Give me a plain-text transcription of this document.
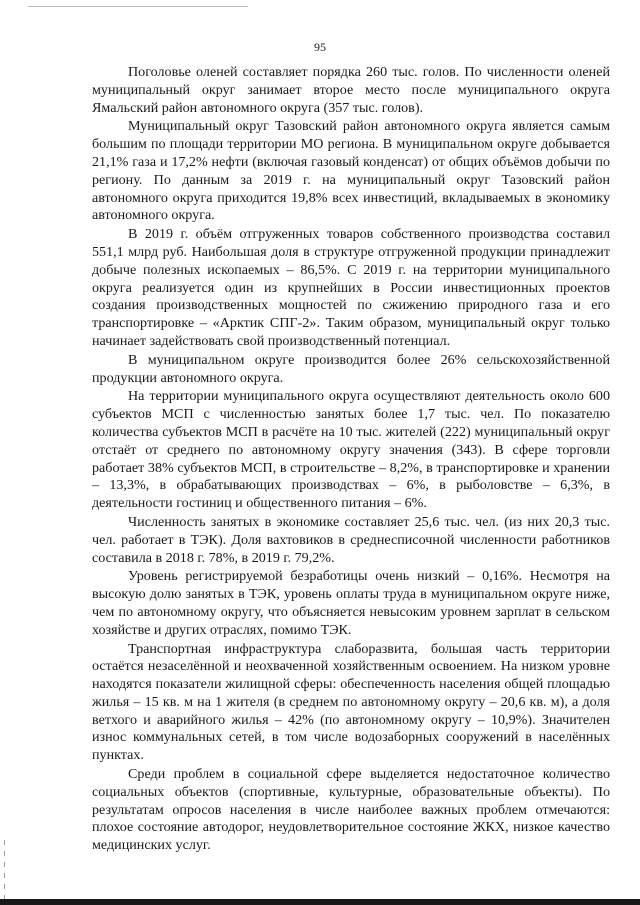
95

Поголовье оленей составляет порядка 260 тыс. голов. По численности оленей муниципальный округ занимает второе место после муниципального округа Ямальский район автономного округа (357 тыс. голов).

Муниципальный округ Тазовский район автономного округа является самым большим по площади территории МО региона. В муниципальном округе добывается 21,1% газа и 17,2% нефти (включая газовый конденсат) от общих объёмов добычи по региону. По данным за 2019 г. на муниципальный округ Тазовский район автономного округа приходится 19,8% всех инвестиций, вкладываемых в экономику автономного округа.

В 2019 г. объём отгруженных товаров собственного производства составил 551,1 млрд руб. Наибольшая доля в структуре отгруженной продукции принадлежит добыче полезных ископаемых – 86,5%. С 2019 г. на территории муниципального округа реализуется один из крупнейших в России инвестиционных проектов создания производственных мощностей по сжижению природного газа и его транспортировке – «Арктик СПГ-2». Таким образом, муниципальный округ только начинает задействовать свой производственный потенциал.

В муниципальном округе производится более 26% сельскохозяйственной продукции автономного округа.

На территории муниципального округа осуществляют деятельность около 600 субъектов МСП с численностью занятых более 1,7 тыс. чел. По показателю количества субъектов МСП в расчёте на 10 тыс. жителей (222) муниципальный округ отстаёт от среднего по автономному округу значения (343). В сфере торговли работает 38% субъектов МСП, в строительстве – 8,2%, в транспортировке и хранении – 13,3%, в обрабатывающих производствах – 6%, в рыболовстве – 6,3%, в деятельности гостиниц и общественного питания – 6%.

Численность занятых в экономике составляет 25,6 тыс. чел. (из них 20,3 тыс. чел. работает в ТЭК). Доля вахтовиков в среднесписочной численности работников составила в 2018 г. 78%, в 2019 г. 79,2%.

Уровень регистрируемой безработицы очень низкий – 0,16%. Несмотря на высокую долю занятых в ТЭК, уровень оплаты труда в муниципальном округе ниже, чем по автономному округу, что объясняется невысоким уровнем зарплат в сельском хозяйстве и других отраслях, помимо ТЭК.

Транспортная инфраструктура слаборазвита, большая часть территории остаётся незаселённой и неохваченной хозяйственным освоением. На низком уровне находятся показатели жилищной сферы: обеспеченность населения общей площадью жилья – 15 кв. м на 1 жителя (в среднем по автономному округу – 20,6 кв. м), а доля ветхого и аварийного жилья – 42% (по автономному округу – 10,9%). Значителен износ коммунальных сетей, в том числе водозаборных сооружений в населённых пунктах.

Среди проблем в социальной сфере выделяется недостаточное количество социальных объектов (спортивные, культурные, образовательные объекты). По результатам опросов населения в числе наиболее важных проблем отмечаются: плохое состояние автодорог, неудовлетворительное состояние ЖКХ, низкое качество медицинских услуг.
